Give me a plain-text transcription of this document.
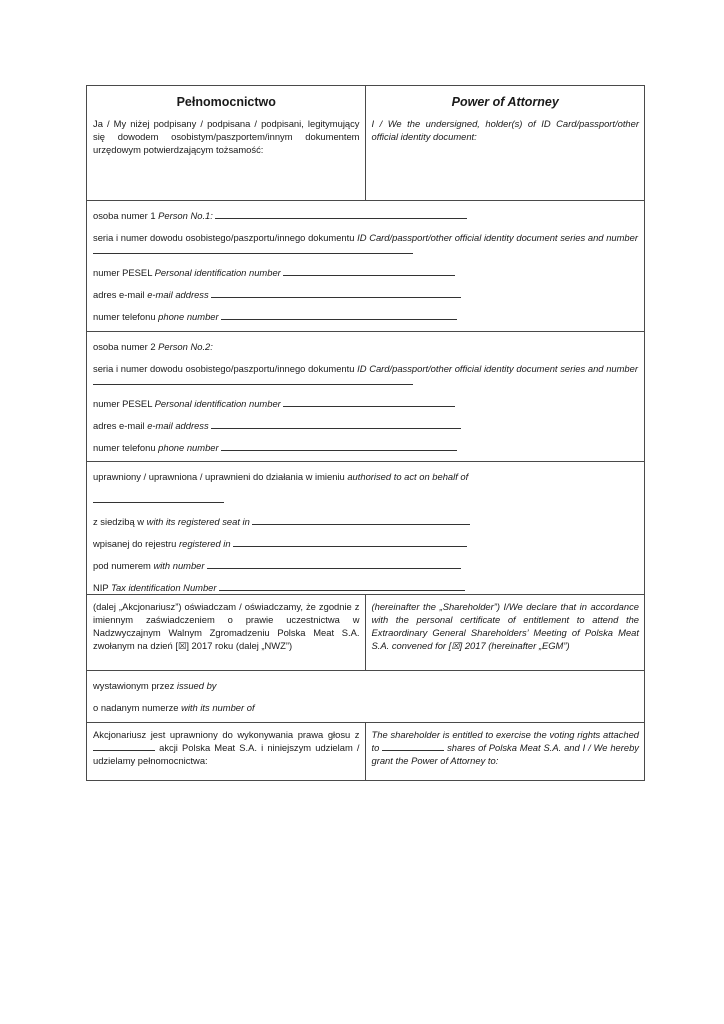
Pełnomocnictwo
Ja / My niżej podpisany / podpisana / podpisani, legitymujący się dowodem osobistym/paszportem/innym dokumentem urzędowym potwierdzającym tożsamość:
Power of Attorney
I / We the undersigned, holder(s) of ID Card/passport/other official identity document:
osoba numer 1 Person No.1:
seria i numer dowodu osobistego/paszportu/innego dokumentu ID Card/passport/other official identity document series and number
numer PESEL Personal identification number
adres e-mail e-mail address
numer telefonu phone number
osoba numer 2 Person No.2:
seria i numer dowodu osobistego/paszportu/innego dokumentu ID Card/passport/other official identity document series and number
numer PESEL Personal identification number
adres e-mail e-mail address
numer telefonu phone number
uprawniony / uprawniona / uprawnieni do działania w imieniu authorised to act on behalf of
z siedzibą w with its registered seat in
wpisanej do rejestru registered in
pod numerem with number
NIP Tax identification Number
(dalej „Akcjonariusz”) oświadczam / oświadczamy, że zgodnie z imiennym zaświadczeniem o prawie uczestnictwa w Nadzwyczajnym Walnym Zgromadzeniu Polska Meat S.A. zwołanym na dzień [☒] 2017 roku (dalej „NWZ”)
(hereinafter the „Shareholder”) I/We declare that in accordance with the personal certificate of entitlement to attend the Extraordinary General Shareholders’ Meeting of Polska Meat S.A. convened for [☒] 2017 (hereinafter „EGM”)
wystawionym przez issued by
o nadanym numerze with its number of
Akcjonariusz jest uprawniony do wykonywania prawa głosu z  akcji Polska Meat S.A. i niniejszym udzielam / udzielamy pełnomocnictwa:
The shareholder is entitled to exercise the voting rights attached to	shares of Polska Meat S.A. and I / We hereby grant the Power of Attorney to:
